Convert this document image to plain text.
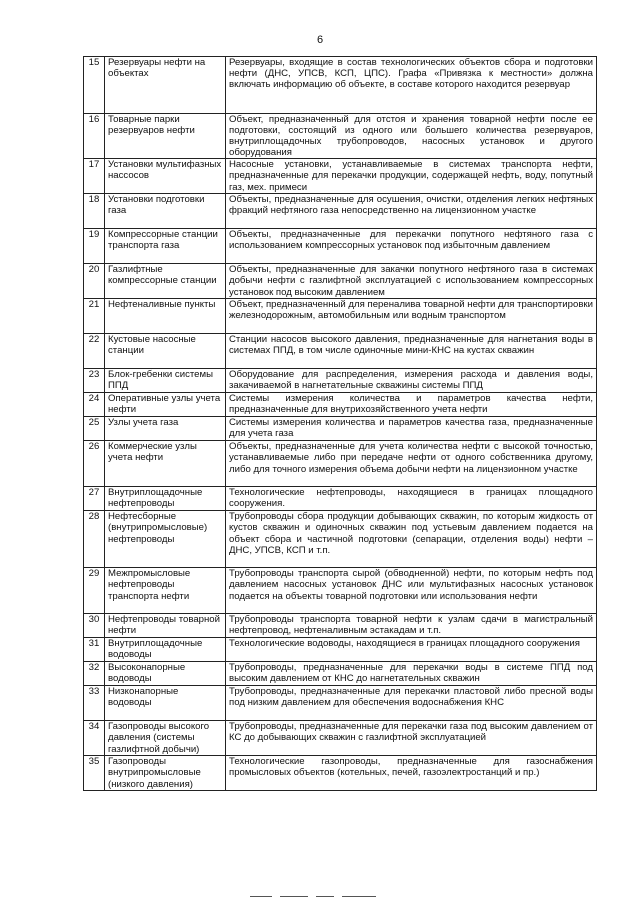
6
15	Резервуары нефти на объектах	Резервуары, входящие в состав технологических объектов сбора и подготовки нефти (ДНС, УПСВ, КСП, ЦПС). Графа «Привязка к местности» должна включать информацию об объекте, в составе которого находится резервуар
16	Товарные парки резервуаров нефти	Объект, предназначенный для отстоя и хранения товарной нефти после ее подготовки, состоящий из одного или большего количества резервуаров, внутриплощадочных трубопроводов, насосных установок и другого оборудования
17	Установки мультифазных нассосов	Насосные установки, устанавливаемые в системах транспорта нефти, предназначенные для перекачки продукции, содержащей нефть, воду, попутный газ, мех. примеси
18	Установки подготовки газа	Объекты, предназначенные для осушения, очистки, отделения легких нефтяных фракций нефтяного газа непосредственно на лицензионном участке
19	Компрессорные станции транспорта газа	Объекты, предназначенные для перекачки попутного нефтяного газа с использованием компрессорных установок под избыточным давлением
20	Газлифтные компрессорные станции	Объекты, предназначенные для закачки попутного нефтяного газа в системах добычи нефти с газлифтной эксплуатацией с использованием компрессорных установок под высоким давлением
21	Нефтеналивные пункты	Объект, предназначенный для переналива товарной нефти для транспортировки железнодорожным, автомобильным или водным транспортом
22	Кустовые насосные станции	Станции насосов высокого давления, предназначенные для нагнетания воды в системах ППД, в том числе одиночные мини-КНС на кустах скважин
23	Блок-гребенки системы ППД	Оборудование для распределения, измерения расхода и давления воды, закачиваемой в нагнетательные скважины системы ППД
24	Оперативные узлы учета нефти	Системы измерения количества и параметров качества нефти, предназначенные для внутрихозяйственного учета нефти
25	Узлы учета газа	Системы измерения количества и параметров качества газа, предназначенные для учета газа
26	Коммерческие узлы учета нефти	Объекты, предназначенные для учета количества нефти с высокой точностью, устанавливаемые либо при передаче нефти от одного собственника другому, либо для точного измерения объема добычи нефти на лицензионном участке
27	Внутриплощадочные нефтепроводы	Технологические нефтепроводы, находящиеся в границах площадного сооружения.
28	Нефтесборные (внутрипромысловые) нефтепроводы	Трубопроводы сбора продукции добывающих скважин, по которым жидкость от кустов скважин и одиночных скважин под устьевым давлением подается на объект сбора и частичной подготовки (сепарации, отделения воды) нефти – ДНС, УПСВ, КСП и т.п.
29	Межпромысловые нефтепроводы транспорта нефти	Трубопроводы транспорта сырой (обводненной) нефти, по которым нефть под давлением насосных установок ДНС или мультифазных насосных установок подается на объекты товарной подготовки или использования нефти
30	Нефтепроводы товарной нефти	Трубопроводы транспорта товарной нефти к узлам сдачи в магистральный нефтепровод, нефтеналивным эстакадам и т.п.
31	Внутриплощадочные водоводы	Технологические водоводы, находящиеся в границах площадного сооружения
32	Высоконапорные водоводы	Трубопроводы, предназначенные для перекачки воды в системе ППД под высоким давлением от КНС до нагнетательных скважин
33	Низконапорные водоводы	Трубопроводы, предназначенные для перекачки пластовой либо пресной воды под низким давлением для обеспечения водоснабжения КНС
34	Газопроводы высокого давления (системы газлифтной добычи)	Трубопроводы, предназначенные для перекачки газа под высоким давлением от КС до добывающих скважин с газлифтной эксплуатацией
35	Газопроводы внутрипромысловые (низкого давления)	Технологические газопроводы, предназначенные для газоснабжения промысловых объектов (котельных, печей, газоэлектростанций и пр.)
